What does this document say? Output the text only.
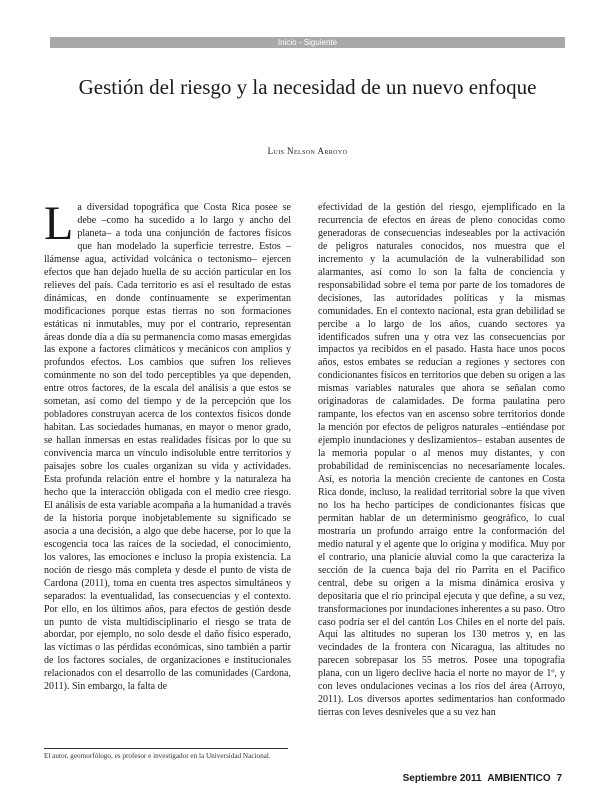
Inicio - Siguiente
Gestión del riesgo y la necesidad de un nuevo enfoque
Luis Nelson Arroyo
L a diversidad topográfica que Costa Rica posee se debe –como ha sucedido a lo largo y ancho del planeta– a toda una conjunción de factores físicos que han modelado la superficie terrestre. Estos –llámense agua, actividad volcánica o tectonismo– ejercen efectos que han dejado huella de su acción particular en los relieves del país. Cada territorio es así el resultado de estas dinámicas, en donde continuamente se experimentan modificaciones porque estas tierras no son formaciones estáticas ni inmutables, muy por el contrario, representan áreas donde día a día su permanencia como masas emergidas las expone a factores climáticos y mecánicos con amplios y profundos efectos. Los cambios que sufren los relieves comúnmente no son del todo perceptibles ya que dependen, entre otros factores, de la escala del análisis a que estos se sometan, así como del tiempo y de la percepción que los pobladores construyan acerca de los contextos físicos donde habitan. Las sociedades humanas, en mayor o menor grado, se hallan inmersas en estas realidades físicas por lo que su convivencia marca un vínculo indisoluble entre territorios y paisajes sobre los cuales organizan su vida y actividades. Esta profunda relación entre el hombre y la naturaleza ha hecho que la interacción obligada con el medio cree riesgo. El análisis de esta variable acompaña a la humanidad a través de la historia porque inobjetablemente su significado se asocia a una decisión, a algo que debe hacerse, por lo que la escogencia toca las raíces de la sociedad, el conocimiento, los valores, las emociones e incluso la propia existencia. La noción de riesgo más completa y desde el punto de vista de Cardona (2011), toma en cuenta tres aspectos simultáneos y separados: la eventualidad, las consecuencias y el contexto. Por ello, en los últimos años, para efectos de gestión desde un punto de vista multidisciplinario el riesgo se trata de abordar, por ejemplo, no solo desde el daño físico esperado, las víctimas o las pérdidas económicas, sino también a partir de los factores sociales, de organizaciones e institucionales relacionados con el desarrollo de las comunidades (Cardona, 2011). Sin embargo, la falta de

efectividad de la gestión del riesgo, ejemplificado en la recurrencia de efectos en áreas de pleno conocidas como generadoras de consecuencias indeseables por la activación de peligros naturales conocidos, nos muestra que el incremento y la acumulación de la vulnerabilidad son alarmantes, así como lo son la falta de conciencia y responsabilidad sobre el tema por parte de los tomadores de decisiones, las autoridades políticas y la mismas comunidades. En el contexto nacional, esta gran debilidad se percibe a lo largo de los años, cuando sectores ya identificados sufren una y otra vez las consecuencias por impactos ya recibidos en el pasado. Hasta hace unos pocos años, estos embates se reducían a regiones y sectores con condicionantes físicos en territorios que deben su origen a las mismas variables naturales que ahora se señalan como originadoras de calamidades. De forma paulatina pero rampante, los efectos van en ascenso sobre territorios donde la mención por efectos de peligros naturales –entiéndase por ejemplo inundaciones y deslizamientos– estaban ausentes de la memoria popular o al menos muy distantes, y con probabilidad de reminiscencias no necesariamente locales. Así, es notoria la mención creciente de cantones en Costa Rica donde, incluso, la realidad territorial sobre la que viven no los ha hecho partícipes de condicionantes físicas que permitan hablar de un determinismo geográfico, lo cual mostraría un profundo arraigo entre la conformación del medio natural y el agente que lo origina y modifica. Muy por el contrario, una planicie aluvial como la que caracteriza la sección de la cuenca baja del río Parrita en el Pacífico central, debe su origen a la misma dinámica erosiva y depositaria que el río principal ejecuta y que define, a su vez, transformaciones por inundaciones inherentes a su paso. Otro caso podría ser el del cantón Los Chiles en el norte del país. Aquí las altitudes no superan los 130 metros y, en las vecindades de la frontera con Nicaragua, las altitudes no parecen sobrepasar los 55 metros. Posee una topografía plana, con un ligero declive hacia el norte no mayor de 1º, y con leves ondulaciones vecinas a los ríos del área (Arroyo, 2011). Los diversos aportes sedimentarios han conformado tierras con leves desniveles que a su vez han

El autor, geomorfólogo, es profesor e investigador en la Universidad Nacional.
Septiembre 2011 AMBIENTICO 7
